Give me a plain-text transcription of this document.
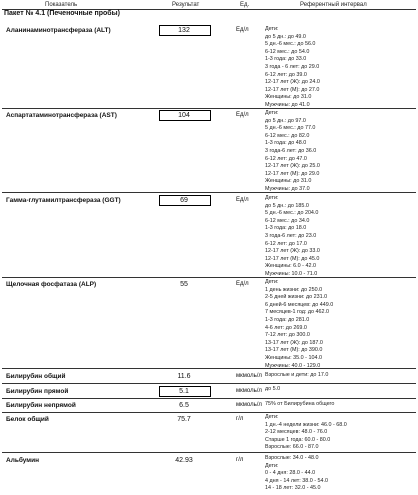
Показатель	Результат	Ед.	Референтный интервал
Пакет № 4.1 (Печеночные пробы)
Аланинаминотрансфераза (ALT)	132	Ед/л	Дети:
до 5 дн.: до 49.0
5 дн.-6 мес.: до 56.0
6-12 мес.: до 54.0
1-3 года: до 33.0
3 года - 6 лет: до 29.0
6-12 лет: до 39.0
12-17 лет (Ж): до 24.0
12-17 лет (М): до 27.0
Женщины: до 31.0
Мужчины: до 41.0
Аспартатаминотрансфераза (AST)	104	Ед/л	Дети:
до 5 дн.: до 97.0
5 дн.-6 мес.: до 77.0
6-12 мес.: до 82.0
1-3 года: до 48.0
3 года-6 лет: до 36.0
6-12 лет: до 47.0
12-17 лет (Ж): до 25.0
12-17 лет (М): до 29.0
Женщины: до 31.0
Мужчины: до 37.0
Гамма-глутамилтрансфераза (GGT)	69	Ед/л	Дети:
до 5 дн.: до 185.0
5 дн.-6 мес.: до 204.0
6-12 мес.: до 34.0
1-3 года: до 18.0
3 года-6 лет: до 23.0
6-12 лет: до 17.0
12-17 лет (Ж): до 33.0
12-17 лет (М): до 45.0
Женщины: 6.0 - 42.0
Мужчины: 10.0 - 71.0
Щелочная фосфатаза (ALP)	55	Ед/л	Дети:
1 день жизни: до 250.0
2-5 дней жизни: до 231.0
6 дней-6 месяцев: до 449.0
7 месяцев-1 год: до 462.0
1-3 года: до 281.0
4-6 лет: до 269.0
7-12 лет: до 300.0
13-17 лет (Ж): до 187.0
13-17 лет (М): до 390.0
Женщины: 35.0 - 104.0
Мужчины: 40.0 - 129.0
Билирубин общий	11.6	мкмоль/л Взрослые и дети: до 17.0
Билирубин прямой	5.1	мкмоль/л до 5.0
Билирубин непрямой	6.5	мкмоль/л 75% от Билирубина общего
Белок общий	75.7	г/л	Дети:
1 дн.-4 недели жизни: 46.0 - 68.0
2-12 месяцев: 48.0 - 76.0
Старше 1 года: 60.0 - 80.0
Взрослые: 66.0 - 87.0
Альбумин	42.93	г/л	Взрослые: 34.0 - 48.0
Дети:
0 - 4 дня: 28.0 - 44.0
4 дня - 14 лет: 38.0 - 54.0
14 - 18 лет: 32.0 - 45.0
